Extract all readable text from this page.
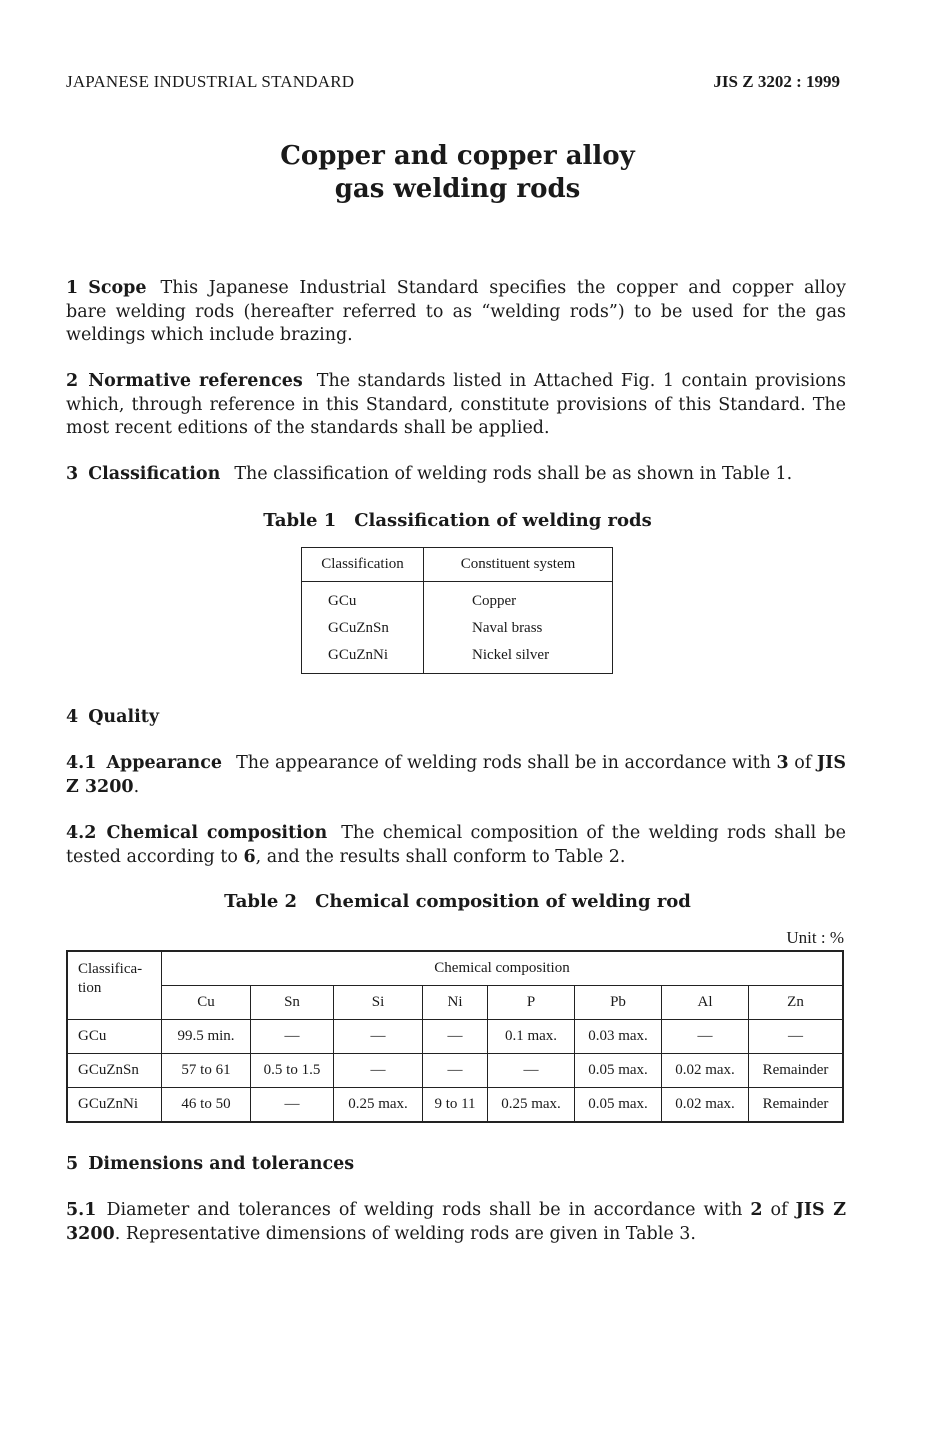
JAPANESE INDUSTRIAL STANDARD	JIS Z 3202 : 1999
Copper and copper alloy
gas welding rods
1 Scope This Japanese Industrial Standard specifies the copper and copper alloy bare welding rods (hereafter referred to as “welding rods”) to be used for the gas weldings which include brazing.
2 Normative references The standards listed in Attached Fig. 1 contain provisions which, through reference in this Standard, constitute provisions of this Standard. The most recent editions of the standards shall be applied.
3 Classification The classification of welding rods shall be as shown in Table 1.
Table 1 Classification of welding rods
Classification	Constituent system
GCu	Copper
GCuZnSn	Naval brass
GCuZnNi	Nickel silver
4 Quality
4.1 Appearance The appearance of welding rods shall be in accordance with 3 of JIS Z 3200.
4.2 Chemical composition The chemical composition of the welding rods shall be tested according to 6, and the results shall conform to Table 2.
Table 2 Chemical composition of welding rod
Unit : %
Classifica-tion	Chemical composition							
	Cu	Sn	Si	Ni	P	Pb	Al	Zn
GCu	99.5 min.	—	—	—	0.1 max.	0.03 max.	—	—
GCuZnSn	57 to 61	0.5 to 1.5	—	—	—	0.05 max.	0.02 max.	Remainder
GCuZnNi	46 to 50	—	0.25 max.	9 to 11	0.25 max.	0.05 max.	0.02 max.	Remainder
5 Dimensions and tolerances
5.1 Diameter and tolerances of welding rods shall be in accordance with 2 of JIS Z 3200. Representative dimensions of welding rods are given in Table 3.
